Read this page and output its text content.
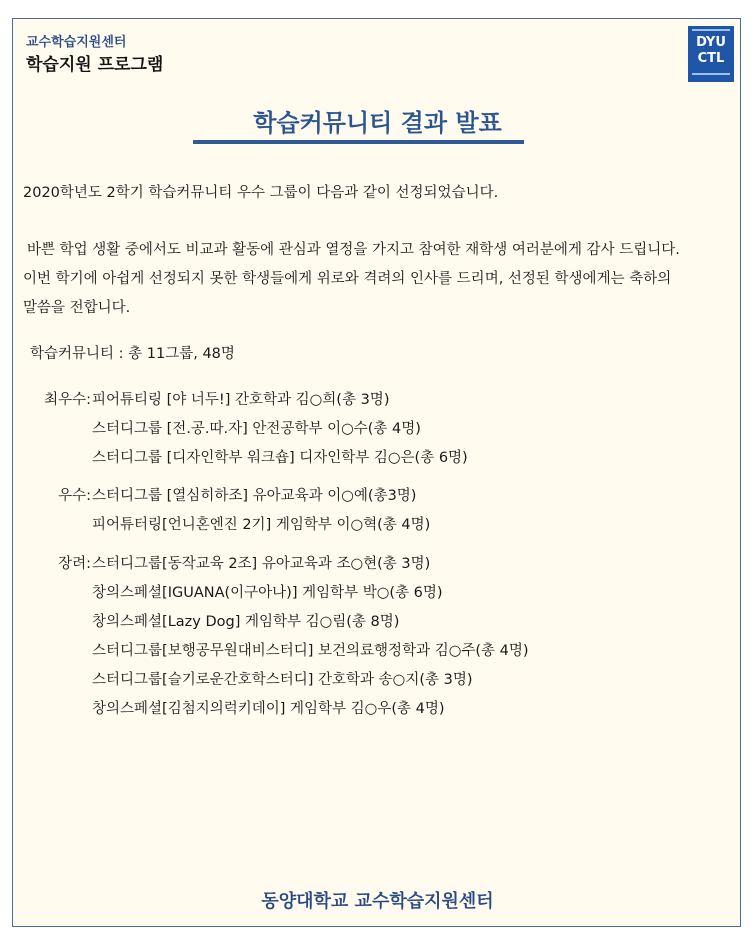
교수학습지원센터
학습지원 프로그램
DYU
CTL
학습커뮤니티 결과 발표
2020학년도 2학기 학습커뮤니티 우수 그룹이 다음과 같이 선정되었습니다.
바쁜 학업 생활 중에서도 비교과 활동에 관심과 열정을 가지고 참여한 재학생 여러분에게 감사 드립니다.
이번 학기에 아쉽게 선정되지 못한 학생들에게 위로와 격려의 인사를 드리며, 선정된 학생에게는 축하의
말씀을 전합니다.
학습커뮤니티 : 총 11그룹, 48명
최우수: 피어튜티링 [야 너두!] 간호학과 김○희(총 3명)
스터디그룹 [전.공.따.자] 안전공학부 이○수(총 4명)
스터디그룹 [디자인학부 워크숍] 디자인학부 김○은(총 6명)
우수: 스터디그룹 [열심히하조] 유아교육과 이○예(총3명)
피어튜터링[언니혼엔진 2기] 게임학부 이○혁(총 4명)
장려: 스터디그룹[동작교육 2조] 유아교육과 조○현(총 3명)
창의스페셜[IGUANA(이구아나)] 게임학부 박○(총 6명)
창의스페셜[Lazy Dog] 게임학부 김○림(총 8명)
스터디그룹[보행공무원대비스터디] 보건의료행정학과 김○주(총 4명)
스터디그룹[슬기로운간호학스터디] 간호학과 송○지(총 3명)
창의스페셜[김첨지의럭키데이] 게임학부 김○우(총 4명)
동양대학교 교수학습지원센터
